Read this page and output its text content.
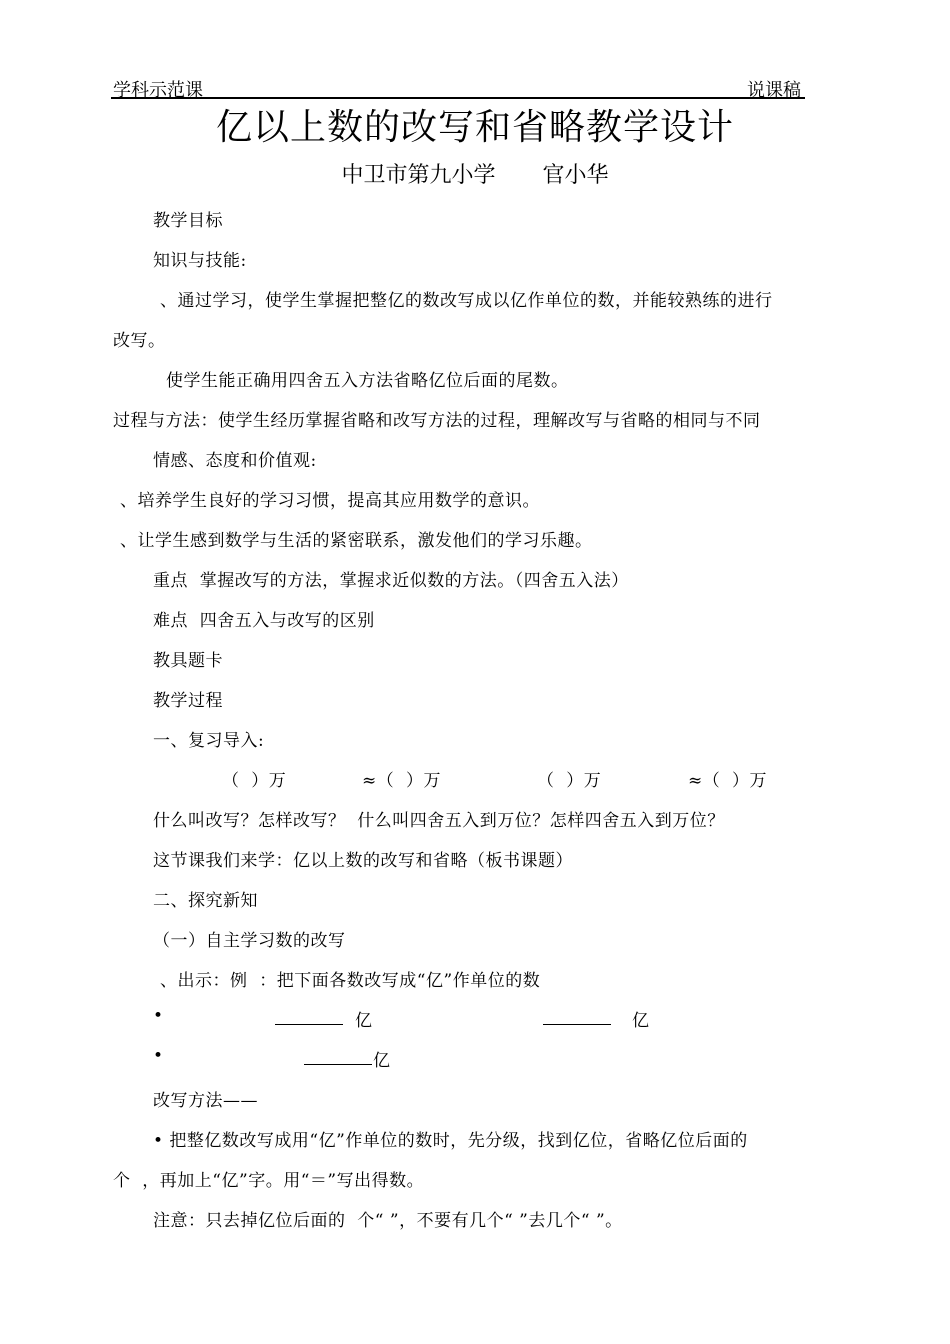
学科示范课	说课稿
亿以上数的改写和省略教学设计
中卫市第九小学 官小华
教学目标
知识与技能:
、通过学习，使学生掌握把整亿的数改写成以亿作单位的数，并能较熟练的进行
改写。
使学生能正确用四舍五入方法省略亿位后面的尾数。
过程与方法：使学生经历掌握省略和改写方法的过程，理解改写与省略的相同与不同
情感、态度和价值观:
、培养学生良好的学习习惯，提高其应用数学的意识。
、让学生感到数学与生活的紧密联系，激发他们的学习乐趣。
重点  掌握改写的方法，掌握求近似数的方法。（四舍五入法）
难点  四舍五入与改写的区别
教具题卡
教学过程
一、复习导入:
（  ）万	≈（  ）万	（  ）万	≈（  ）万
什么叫改写？怎样改写？  什么叫四舍五入到万位？怎样四舍五入到万位？
这节课我们来学：亿以上数的改写和省略（板书课题）
二、探究新知
（一）自主学习数的改写
、出示：例  ：把下面各数改写成“亿”作单位的数
•	亿	亿
•	亿
改写方法——
• 把整亿数改写成用“亿”作单位的数时，先分级，找到亿位，省略亿位后面的
个  ，再加上“亿”字。用“＝”写出得数。
注意：只去掉亿位后面的  个“ ”，不要有几个“ ”去几个“ ”。
